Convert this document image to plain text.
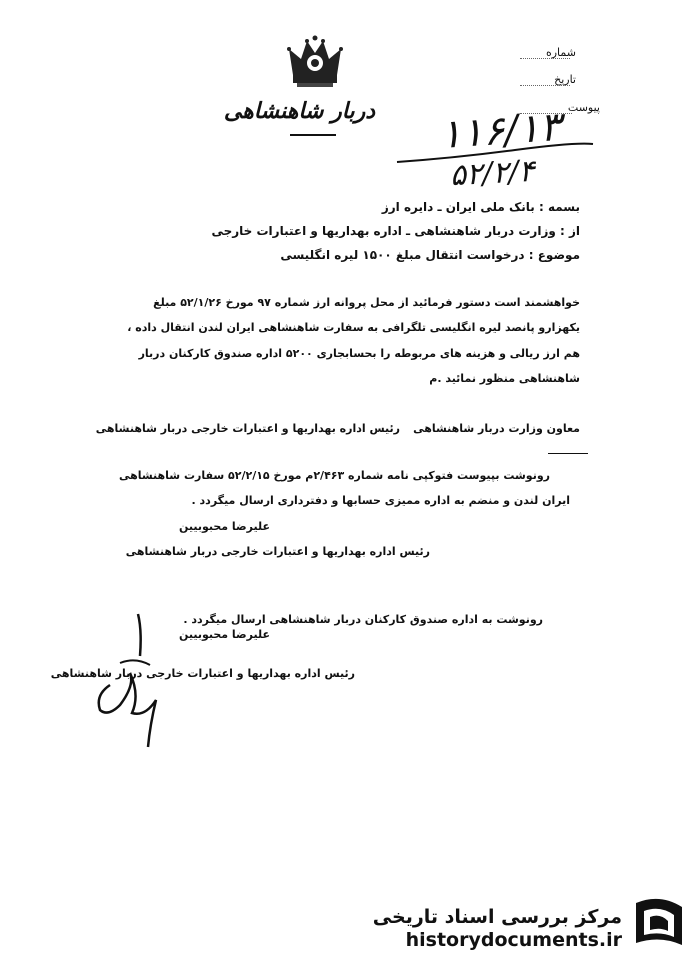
دربار شاهنشاهی
شماره
تاریخ
پیوست
۱۱۶/۱۳
۵۲/۲/۴
بسمه : بانک ملی ایران ـ دایره ارز
از : وزارت دربار شاهنشاهی ـ اداره بهداریها و اعتبارات خارجی
موضوع : درخواست انتقال مبلغ ۱۵۰۰ لیره انگلیسی
خواهشمند است دستور فرمائید از محل پروانه ارز شماره ۹۷ مورخ ۵۲/۱/۲۶ مبلغ
یکهزارو پانصد لیره انگلیسی تلگرافی به سفارت شاهنشاهی ایران لندن انتقال داده ،
هم ارز ریالی و هزینه های مربوطه را بحسابجاری ۵۲۰۰ اداره صندوق کارکنان دربار
شاهنشاهی منظور نمائید .م
معاون وزارت دربار شاهنشاهی
رئیس اداره بهداریها و اعتبارات خارجی دربار شاهنشاهی
رونوشت بپیوست فتوکپی نامه شماره ۲/۴۶۳م مورخ ۵۲/۲/۱۵ سفارت شاهنشاهی
ایران لندن و منضم به اداره ممیزی حسابها و دفترداری ارسال میگردد .
علیرضا محبوبیین
رئیس اداره بهداریها و اعتبارات خارجی دربار شاهنشاهی
رونوشت به اداره صندوق کارکنان دربار شاهنشاهی ارسال میگردد .
علیرضا محبوبیین
رئیس اداره بهداریها و اعتبارات خارجی دربار شاهنشاهی
مرکز بررسی اسناد تاریخی
historydocuments.ir
